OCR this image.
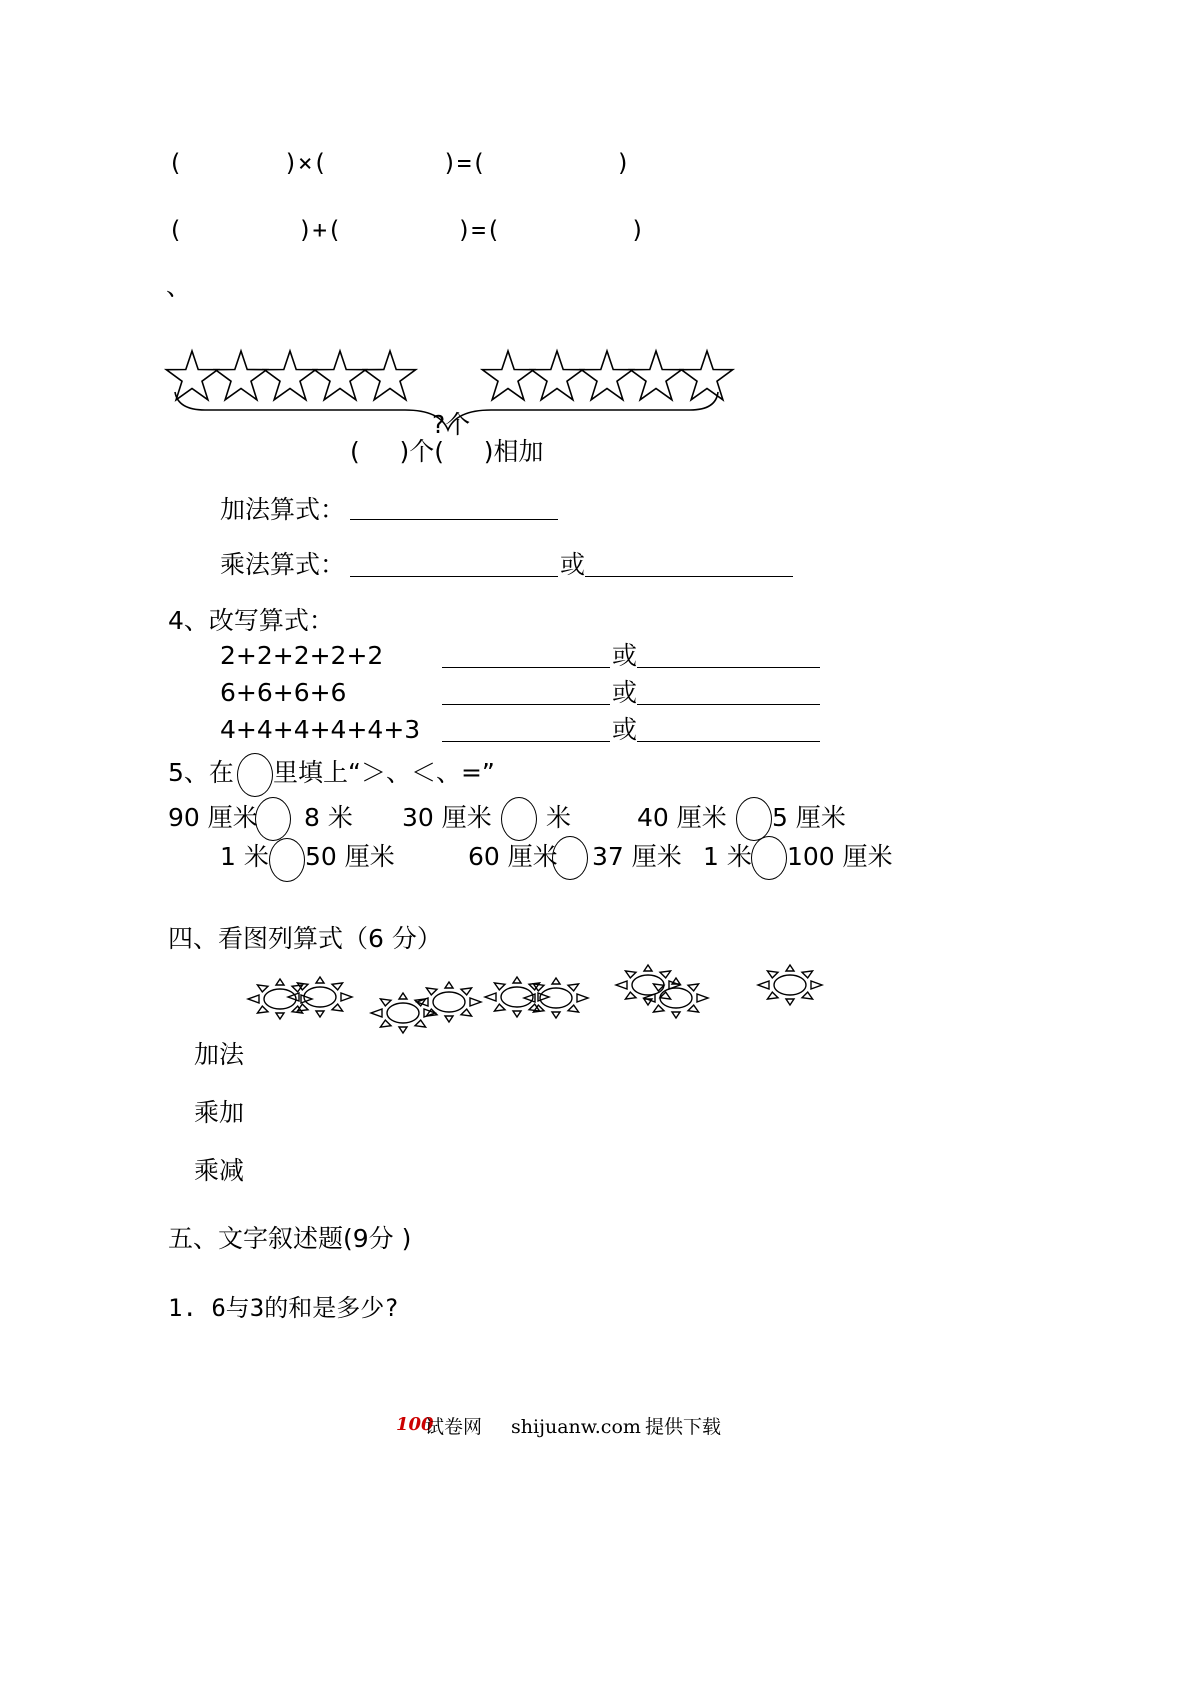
(       )×(        )=(         )
(        )+(        )=(         )
、
?个
(     )个(     )相加
加法算式：
乘法算式：	或
4、改写算式：
2+2+2+2+2	或
6+6+6+6	或
4+4+4+4+4+3	或
5、在 里填上“＞、＜、=”
90 厘米 8 米 30 厘米 米	40 厘米 5 厘米
1 米 50 厘米	60 厘米 37 厘米 1 米 100 厘米
四、看图列算式（6 分）
加法
乘加
乘减
五、文字叙述题(9分 )
1. 6与3的和是多少?
100
试卷网 shijuanw.com 提供下载
